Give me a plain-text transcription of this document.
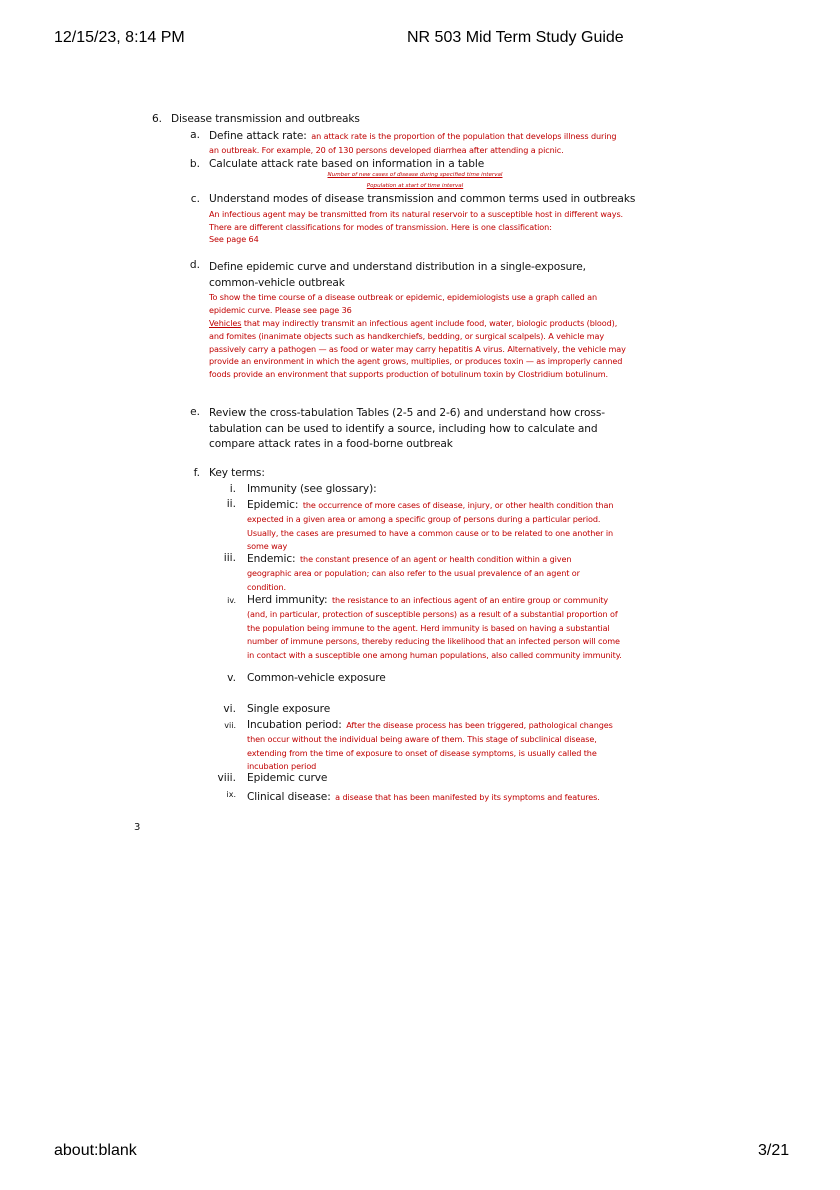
12/15/23, 8:14 PM	NR 503 Mid Term Study Guide
6. Disease transmission and outbreaks
a. Define attack rate: an attack rate is the proportion of the population that develops illness during an outbreak. For example, 20 of 130 persons developed diarrhea after attending a picnic.
b. Calculate attack rate based on information in a table
Number of new cases of disease during specified time interval
Population at start of time interval
c. Understand modes of disease transmission and common terms used in outbreaks
An infectious agent may be transmitted from its natural reservoir to a susceptible host in different ways. There are different classifications for modes of transmission. Here is one classification:
See page 64
d. Define epidemic curve and understand distribution in a single-exposure, common-vehicle outbreak
To show the time course of a disease outbreak or epidemic, epidemiologists use a graph called an epidemic curve. Please see page 36
Vehicles that may indirectly transmit an infectious agent include food, water, biologic products (blood), and fomites (inanimate objects such as handkerchiefs, bedding, or surgical scalpels). A vehicle may passively carry a pathogen — as food or water may carry hepatitis A virus. Alternatively, the vehicle may provide an environment in which the agent grows, multiplies, or produces toxin — as improperly canned foods provide an environment that supports production of botulinum toxin by Clostridium botulinum.
e. Review the cross-tabulation Tables (2-5 and 2-6) and understand how cross-tabulation can be used to identify a source, including how to calculate and compare attack rates in a food-borne outbreak
f. Key terms:
i. Immunity (see glossary):
ii. Epidemic: the occurrence of more cases of disease, injury, or other health condition than expected in a given area or among a specific group of persons during a particular period. Usually, the cases are presumed to have a common cause or to be related to one another in some way
iii. Endemic: the constant presence of an agent or health condition within a given geographic area or population; can also refer to the usual prevalence of an agent or condition.
iv. Herd immunity: the resistance to an infectious agent of an entire group or community (and, in particular, protection of susceptible persons) as a result of a substantial proportion of the population being immune to the agent. Herd immunity is based on having a substantial number of immune persons, thereby reducing the likelihood that an infected person will come in contact with a susceptible one among human populations, also called community immunity.
v. Common-vehicle exposure
vi. Single exposure
vii. Incubation period: After the disease process has been triggered, pathological changes then occur without the individual being aware of them. This stage of subclinical disease, extending from the time of exposure to onset of disease symptoms, is usually called the incubation period
viii. Epidemic curve
ix. Clinical disease: a disease that has been manifested by its symptoms and features.
3
about:blank	3/21
